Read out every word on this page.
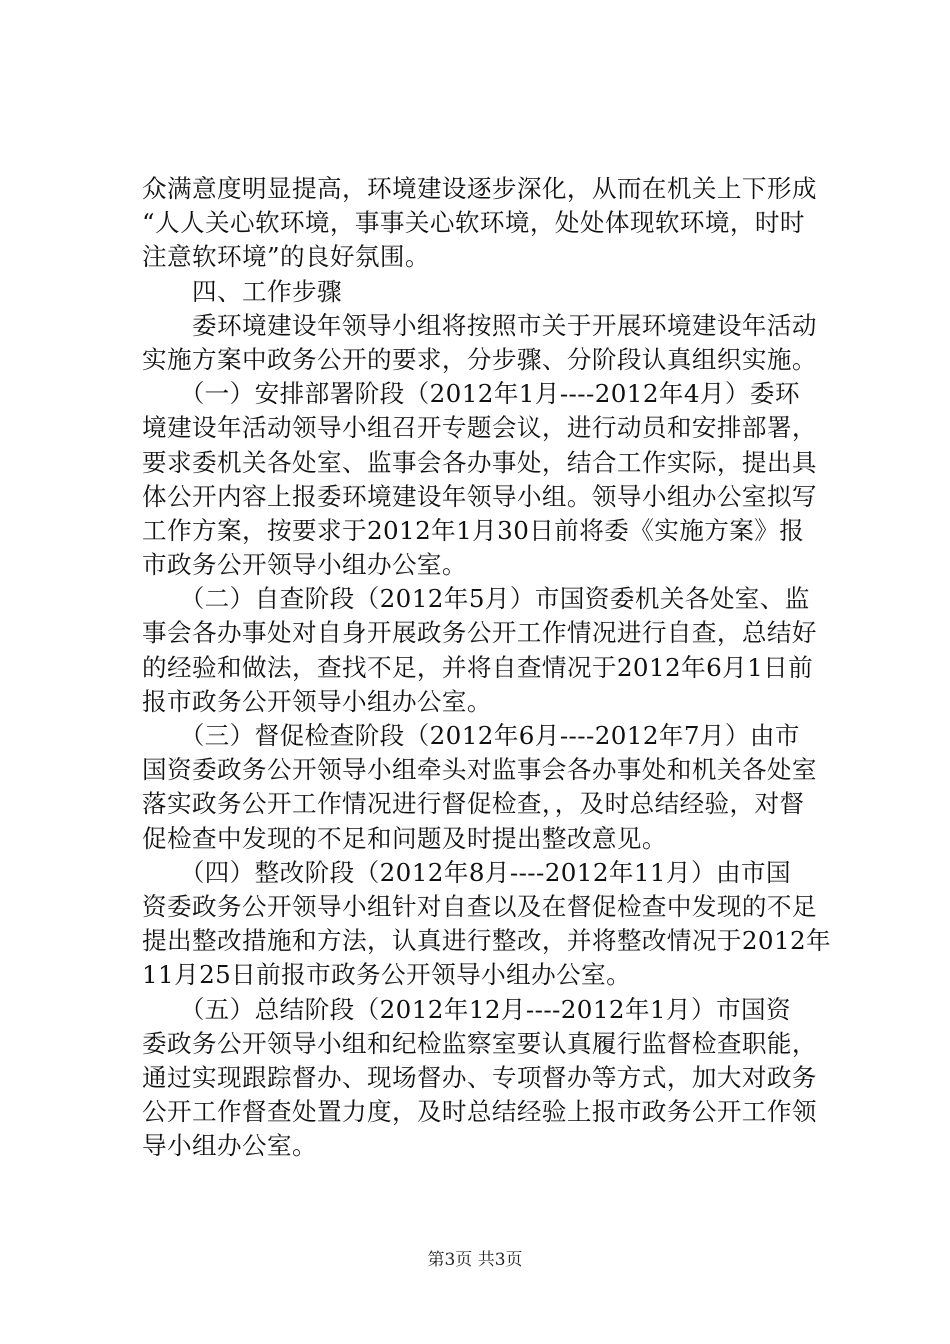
众满意度明显提高，环境建设逐步深化，从而在机关上下形成
“人人关心软环境，事事关心软环境，处处体现软环境，时时
注意软环境”的良好氛围。
　　四、工作步骤
　　委环境建设年领导小组将按照市关于开展环境建设年活动
实施方案中政务公开的要求，分步骤、分阶段认真组织实施。
　　（一）安排部署阶段（2012年1月----2012年4月）委环
境建设年活动领导小组召开专题会议，进行动员和安排部署，
要求委机关各处室、监事会各办事处，结合工作实际，提出具
体公开内容上报委环境建设年领导小组。领导小组办公室拟写
工作方案，按要求于2012年1月30日前将委《实施方案》报
市政务公开领导小组办公室。
　　（二）自查阶段（2012年5月）市国资委机关各处室、监
事会各办事处对自身开展政务公开工作情况进行自查，总结好
的经验和做法，查找不足，并将自查情况于2012年6月1日前
报市政务公开领导小组办公室。
　　（三）督促检查阶段（2012年6月----2012年7月）由市
国资委政务公开领导小组牵头对监事会各办事处和机关各处室
落实政务公开工作情况进行督促检查，，及时总结经验，对督
促检查中发现的不足和问题及时提出整改意见。
　　（四）整改阶段（2012年8月----2012年11月）由市国
资委政务公开领导小组针对自查以及在督促检查中发现的不足
提出整改措施和方法，认真进行整改，并将整改情况于2012年
11月25日前报市政务公开领导小组办公室。
　　（五）总结阶段（2012年12月----2012年1月）市国资
委政务公开领导小组和纪检监察室要认真履行监督检查职能，
通过实现跟踪督办、现场督办、专项督办等方式，加大对政务
公开工作督查处置力度，及时总结经验上报市政务公开工作领
导小组办公室。
第3页 共3页
